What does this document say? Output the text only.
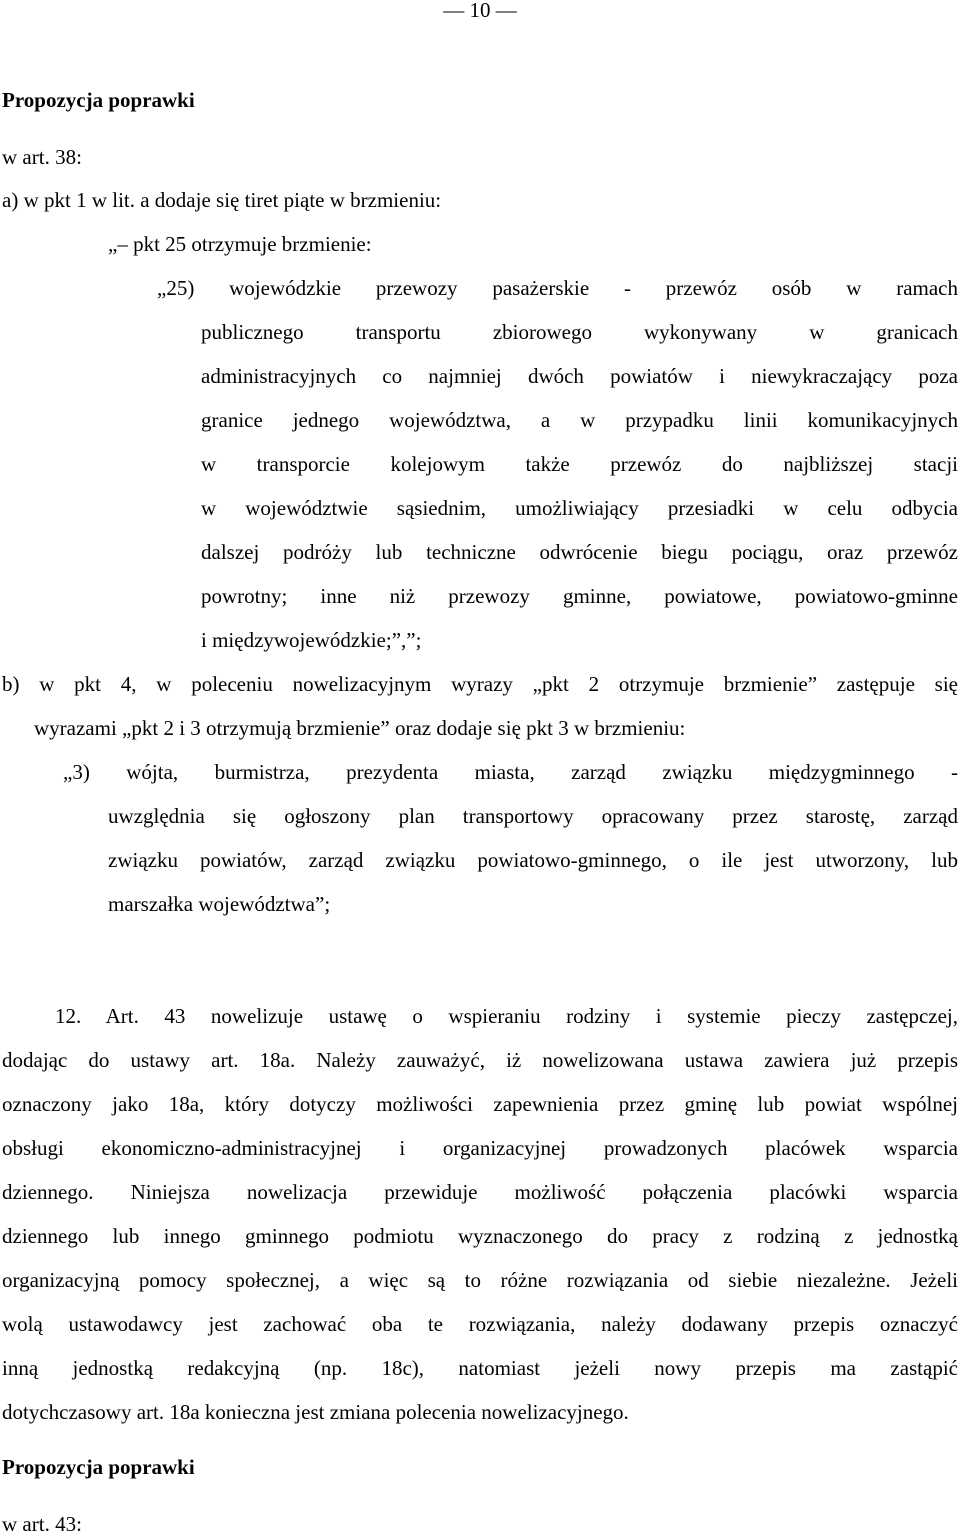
— 10 —
Propozycja poprawki
w art. 38:
a) w pkt 1 w lit. a dodaje się tiret piąte w brzmieniu:
„– pkt 25 otrzymuje brzmienie:
„25) wojewódzkie przewozy pasażerskie - przewóz osób w ramach
publicznego transportu zbiorowego wykonywany w granicach
administracyjnych co najmniej dwóch powiatów i niewykraczający poza
granice jednego województwa, a w przypadku linii komunikacyjnych
w transporcie kolejowym także przewóz do najbliższej stacji
w województwie sąsiednim, umożliwiający przesiadki w celu odbycia
dalszej podróży lub techniczne odwrócenie biegu pociągu, oraz przewóz
powrotny; inne niż przewozy gminne, powiatowe, powiatowo-gminne
i międzywojewódzkie;”,”;
b) w pkt 4, w poleceniu nowelizacyjnym wyrazy „pkt 2 otrzymuje brzmienie” zastępuje się
wyrazami „pkt 2 i 3 otrzymują brzmienie” oraz dodaje się pkt 3 w brzmieniu:
„3) wójta, burmistrza, prezydenta miasta, zarząd związku międzygminnego -
uwzględnia się ogłoszony plan transportowy opracowany przez starostę, zarząd
związku powiatów, zarząd związku powiatowo-gminnego, o ile jest utworzony, lub
marszałka województwa”;
12. Art. 43 nowelizuje ustawę o wspieraniu rodziny i systemie pieczy zastępczej,
dodając do ustawy art. 18a. Należy zauważyć, iż nowelizowana ustawa zawiera już przepis
oznaczony jako 18a, który dotyczy możliwości zapewnienia przez gminę lub powiat wspólnej
obsługi ekonomiczno-administracyjnej i organizacyjnej prowadzonych placówek wsparcia
dziennego. Niniejsza nowelizacja przewiduje możliwość połączenia placówki wsparcia
dziennego lub innego gminnego podmiotu wyznaczonego do pracy z rodziną z jednostką
organizacyjną pomocy społecznej, a więc są to różne rozwiązania od siebie niezależne. Jeżeli
wolą ustawodawcy jest zachować oba te rozwiązania, należy dodawany przepis oznaczyć
inną jednostką redakcyjną (np. 18c), natomiast jeżeli nowy przepis ma zastąpić
dotychczasowy art. 18a konieczna jest zmiana polecenia nowelizacyjnego.
Propozycja poprawki
w art. 43:
